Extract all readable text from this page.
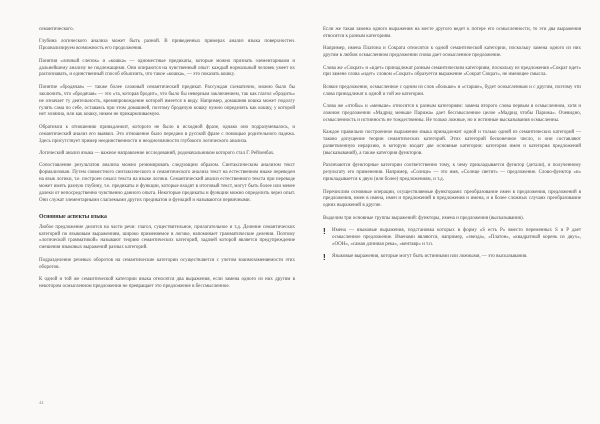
семантического.

Глубина логического анализа может быть разной. В приведенных примерах анализ языка поверхностен. Проанализируем возможность его продолжения.

Понятия «личный слепок» и «кошка» — одноместные предикаты, которые можно признать элементарными и дальнейшему анализу не подлежащими. Они опираются на чувственный опыт: каждый нормальный человек умеет их распознавать, и единственный способ объяснить, что такое «кошка», — это показать кошку.

Понятие «бродячая» — также более сложный семантический предикат. Рассуждая схематично, можно было бы заключить, что «бродячая» — это «та, которая бродит», что было бы неверным заключением, так как глагол «бродить» не означает ту деятельность, времяпровождение которой имеется в виду. Например, домашняя кошка может подолгу гулять сама по себе, оставаясь при этом домашней, поэтому бродячую кошку нужно определять как кошку, у которой нет хозяина, или как кошку, никем не прикармливаемую.

Обратимся к отношению принадлежит, которого не было в исходной фразе, однако оно подразумевалось, и семантический анализ его выявил. Это отношение было передано в русской фразе с помощью родительного падежа. Здесь присутствует пример неединственности и неоднозначности глубокого логического анализа.

Логический анализ языка — важное направление исследований, родоначальником которого стал Г. Рейхенбах.

Сопоставление результатов анализа можно резюмировать следующим образом. Синтаксическим анализом текст формализован. Путем совместного синтаксического и семантического анализа текст на естественном языке переведен на язык логики, т.е. построен смысл текста на языке логики. Семантический анализ естественного текста при переводе может иметь разную глубину, т.е. предикаты и функции, которые входят в итоговый текст, могут быть более или менее далеки от непосредственно чувственно данного опыта. Некоторые предикаты и функции можно определить через опыт. Они служат элементарными слагаемыми других предикатов и функций и называются первичными.

Основные аспекты языка

Любое предложение делится на части речи: глагол, существительное, прилагательное и т.д. Деление семантических категорий по языковым выражениям, широко применяемое в логике, напоминает грамматические деления. Поэтому «логической грамматикой» называют теорию семантических категорий, задачей которой является предупреждение смешения языковых выражений разных категорий.

Подразделение речевых оборотов на семантические категории осуществляется с учетом взаимозаменяемости этих оборотов.

К одной и той же семантической категории языка относятся два выражения, если замена одного из них другим в некотором осмысленном предложении не превращает это предложение в бессмысленное.

Если же такая замена одного выражения на месте другого ведет к потере его осмысленности, то эти два выражения относятся к разным категориям.

Например, имена Платона и Сократа относятся к одной семантической категории, поскольку замена одного из них другим в любом осмысленном предложении снова дает осмысленное предложение.

Слова же «Сократ» и «идет» принадлежат разным семантическим категориям, поскольку из предложения «Сократ идет» при замене слова «идет» словом «Сократ» образуется выражение «Сократ Сократ», не имеющее смысла.

Всякое предложение, осмысленное с одним из слов «больше» и «старше», будет осмысленным и с другим, поэтому эти слова принадлежат к одной и той же категории.

Слова же «чтобы» и «меньше» относятся к разным категориям: замена второго слова первым в осмысленном, хотя и ложном предложении «Мадрид меньше Парижа» дает бессмысленное целое «Мадрид чтобы Парижа». Очевидно, осмысленность и истинность не тождественны. Не только ложные, но и истинные высказывания осмысленны.

Каждое правильно построенное выражение языка принадлежит одной и только одной из семантических категорий — таково допущение теории семантических категорий. Этих категорий бесконечное число, и они составляют разветвленную иерархию, в которую входят две основные категории: категория имен и категория предложений (высказываний), а также категория функторов.

Различаются функторные категории соответственно тому, к чему прикладывается функтор (детали), и полученному результату его применения. Например, «Солнце» — это имя, «Солнце светит» — предложение. Слово-функтор «и» прикладывается к двум (или более) предложениям, и т.д.

Перечислим основные операции, осуществляемые функторами: преобразование имен в предложения, предложений в предложения, имен в имена, имен и предложений в предложения и имена, и в более сложных случаях преобразование одних выражений в другие.

Выделим три основные группы выражений: функторы, имена и предложения (высказывания).

!	Имена — языковые выражения, подстановка которых в форму «S есть P» вместо переменных S и P дает осмысленное предложение. Именами являются, например, «звезда», «Платон», «квадратный корень из двух», «ООН», «самая длинная река», «кентавр» и т.п.

!	Языковые выражения, которые могут быть истинными или ложными, — это высказывания.

44
